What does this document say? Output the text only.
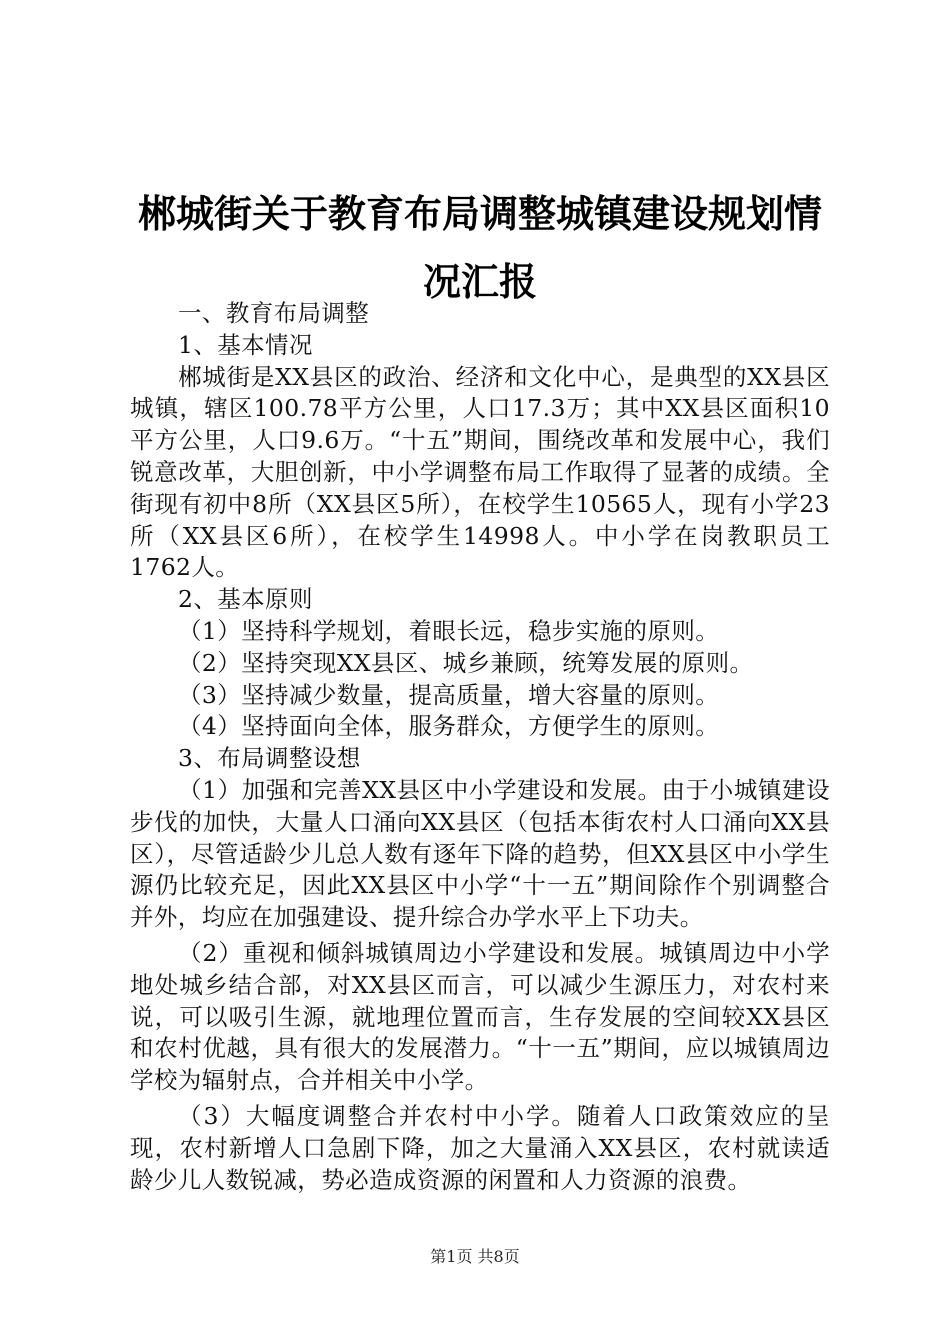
郴城街关于教育布局调整城镇建设规划情况汇报

一、教育布局调整

1、基本情况

郴城街是XX县区的政治、经济和文化中心，是典型的XX县区城镇，辖区100.78平方公里，人口17.3万；其中XX县区面积10平方公里，人口9.6万。“十五”期间，围绕改革和发展中心，我们锐意改革，大胆创新，中小学调整布局工作取得了显著的成绩。全街现有初中8所（XX县区5所），在校学生10565人，现有小学23所（XX县区6所），在校学生14998人。中小学在岗教职员工1762人。

2、基本原则

（1）坚持科学规划，着眼长远，稳步实施的原则。

（2）坚持突现XX县区、城乡兼顾，统筹发展的原则。

（3）坚持减少数量，提高质量，增大容量的原则。

（4）坚持面向全体，服务群众，方便学生的原则。

3、布局调整设想

（1）加强和完善XX县区中小学建设和发展。由于小城镇建设步伐的加快，大量人口涌向XX县区（包括本街农村人口涌向XX县区），尽管适龄少儿总人数有逐年下降的趋势，但XX县区中小学生源仍比较充足，因此XX县区中小学“十一五”期间除作个别调整合并外，均应在加强建设、提升综合办学水平上下功夫。

（2）重视和倾斜城镇周边小学建设和发展。城镇周边中小学地处城乡结合部，对XX县区而言，可以减少生源压力，对农村来说，可以吸引生源，就地理位置而言，生存发展的空间较XX县区和农村优越，具有很大的发展潜力。“十一五”期间，应以城镇周边学校为辐射点，合并相关中小学。

（3）大幅度调整合并农村中小学。随着人口政策效应的呈现，农村新增人口急剧下降，加之大量涌入XX县区，农村就读适龄少儿人数锐减，势必造成资源的闲置和人力资源的浪费。

第1页 共8页
